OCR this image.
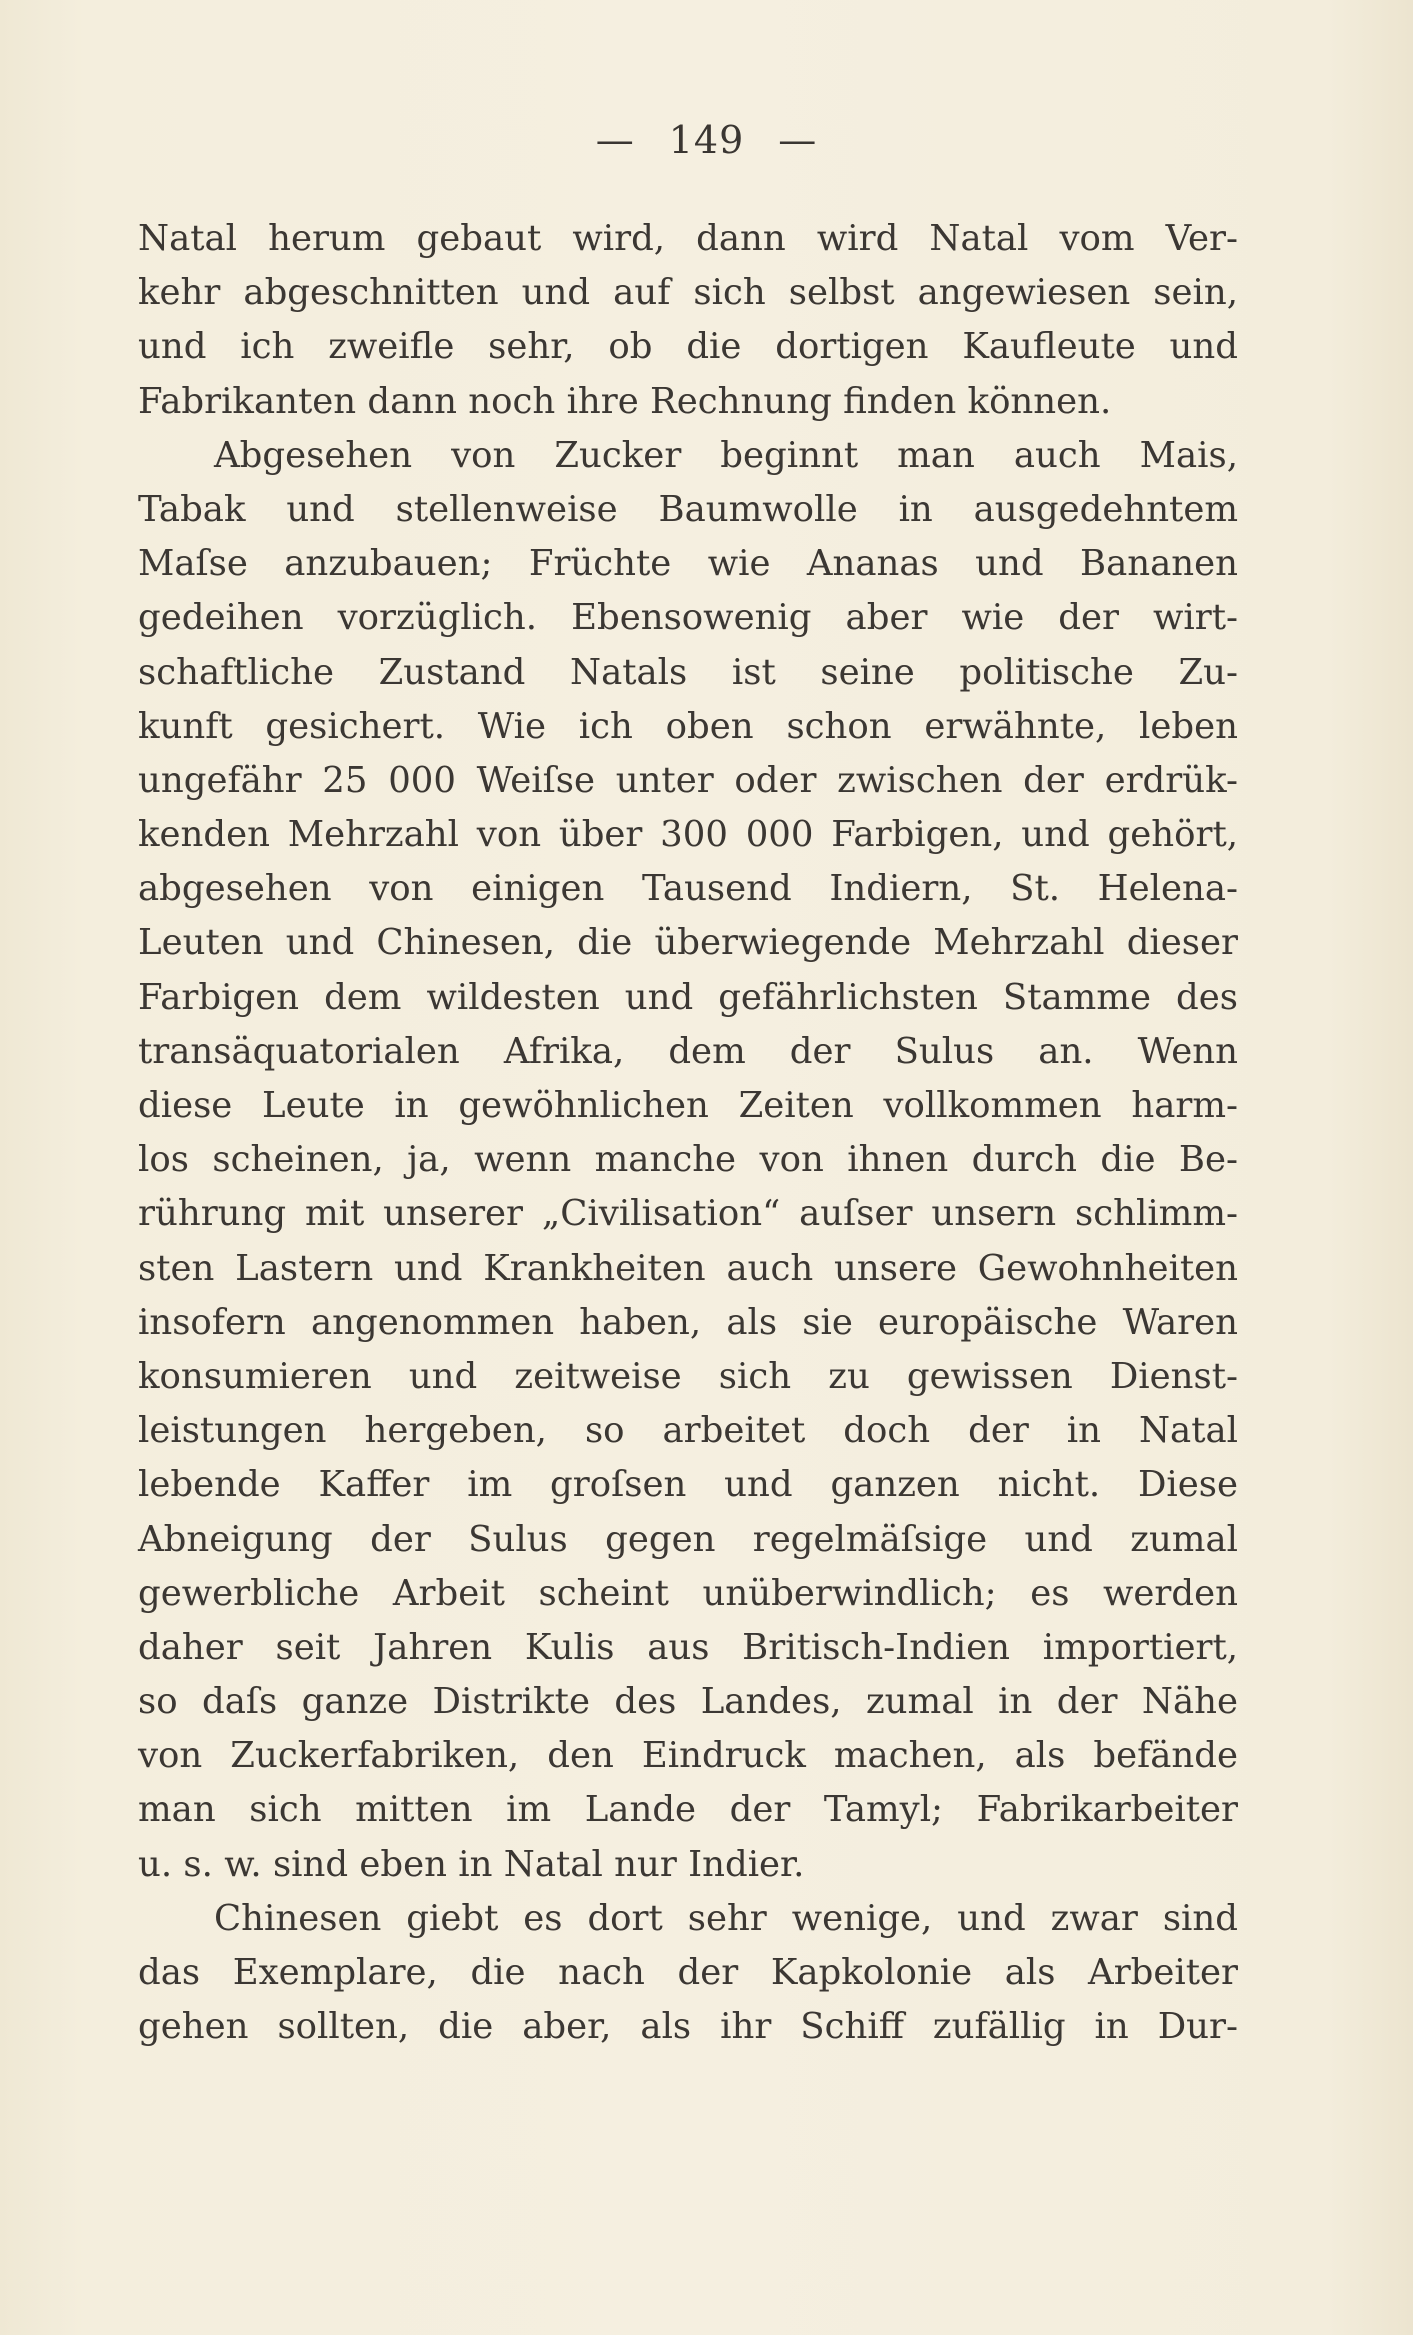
— 149 —
Natal herum gebaut wird, dann wird Natal vom Ver-
kehr abgeschnitten und auf sich selbst angewiesen sein,
und ich zweifle sehr, ob die dortigen Kaufleute und
Fabrikanten dann noch ihre Rechnung finden können.
Abgesehen von Zucker beginnt man auch Mais,
Tabak und stellenweise Baumwolle in ausgedehntem
Maſse anzubauen; Früchte wie Ananas und Bananen
gedeihen vorzüglich. Ebensowenig aber wie der wirt-
schaftliche Zustand Natals ist seine politische Zu-
kunft gesichert. Wie ich oben schon erwähnte, leben
ungefähr 25 000 Weiſse unter oder zwischen der erdrük-
kenden Mehrzahl von über 300 000 Farbigen, und gehört,
abgesehen von einigen Tausend Indiern, St. Helena-
Leuten und Chinesen, die überwiegende Mehrzahl dieser
Farbigen dem wildesten und gefährlichsten Stamme des
transäquatorialen Afrika, dem der Sulus an. Wenn
diese Leute in gewöhnlichen Zeiten vollkommen harm-
los scheinen, ja, wenn manche von ihnen durch die Be-
rührung mit unserer „Civilisation“ auſser unsern schlimm-
sten Lastern und Krankheiten auch unsere Gewohnheiten
insofern angenommen haben, als sie europäische Waren
konsumieren und zeitweise sich zu gewissen Dienst-
leistungen hergeben, so arbeitet doch der in Natal
lebende Kaffer im groſsen und ganzen nicht. Diese
Abneigung der Sulus gegen regelmäſsige und zumal
gewerbliche Arbeit scheint unüberwindlich; es werden
daher seit Jahren Kulis aus Britisch-Indien importiert,
so daſs ganze Distrikte des Landes, zumal in der Nähe
von Zuckerfabriken, den Eindruck machen, als befände
man sich mitten im Lande der Tamyl; Fabrikarbeiter
u. s. w. sind eben in Natal nur Indier.
Chinesen giebt es dort sehr wenige, und zwar sind
das Exemplare, die nach der Kapkolonie als Arbeiter
gehen sollten, die aber, als ihr Schiff zufällig in Dur-
